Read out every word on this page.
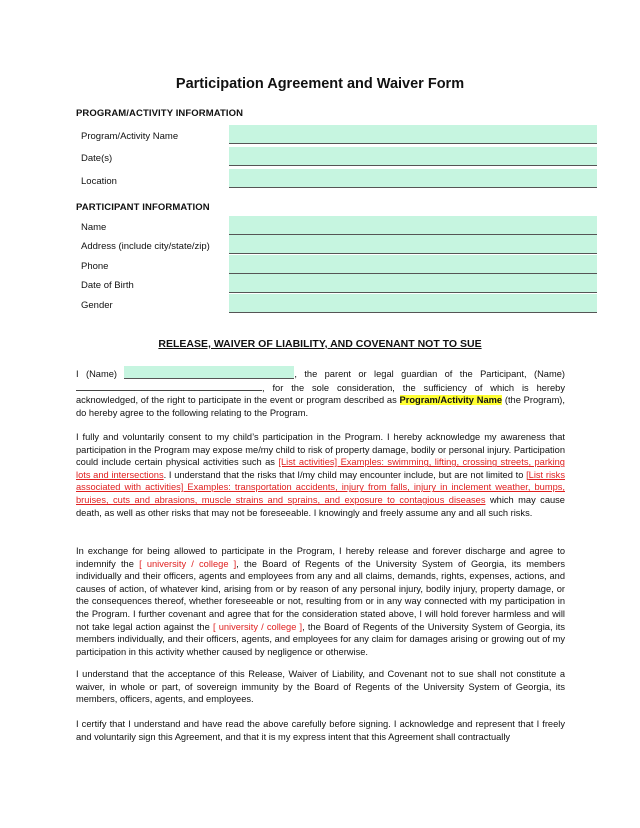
Participation Agreement and Waiver Form
PROGRAM/ACTIVITY INFORMATION
Program/Activity Name
Date(s)
Location
PARTICIPANT INFORMATION
Name
Address (include city/state/zip)
Phone
Date of Birth
Gender
RELEASE, WAIVER OF LIABILITY, AND COVENANT NOT TO SUE
I (Name)	, the parent or legal guardian of the Participant, (Name) , for the sole consideration, the sufficiency of which is hereby acknowledged, of the right to participate in the event or program described as Program/Activity Name (the Program), do hereby agree to the following relating to the Program.
I fully and voluntarily consent to my child’s participation in the Program. I hereby acknowledge my awareness that participation in the Program may expose me/my child to risk of property damage, bodily or personal injury. Participation could include certain physical activities such as [List activities] Examples: swimming, lifting, crossing streets, parking lots and intersections. I understand that the risks that I/my child may encounter include, but are not limited to [List risks associated with activities] Examples: transportation accidents, injury from falls, injury in inclement weather, bumps, bruises, cuts and abrasions, muscle strains and sprains, and exposure to contagious diseases which may cause death, as well as other risks that may not be foreseeable. I knowingly and freely assume any and all such risks.
In exchange for being allowed to participate in the Program, I hereby release and forever discharge and agree to indemnify the [ university / college ], the Board of Regents of the University System of Georgia, its members individually and their officers, agents and employees from any and all claims, demands, rights, expenses, actions, and causes of action, of whatever kind, arising from or by reason of any personal injury, bodily injury, property damage, or the consequences thereof, whether foreseeable or not, resulting from or in any way connected with my participation in the Program. I further covenant and agree that for the consideration stated above, I will hold forever harmless and will not take legal action against the [ university / college ], the Board of Regents of the University System of Georgia, its members individually, and their officers, agents, and employees for any claim for damages arising or growing out of my participation in this activity whether caused by negligence or otherwise.
I understand that the acceptance of this Release, Waiver of Liability, and Covenant not to sue shall not constitute a waiver, in whole or part, of sovereign immunity by the Board of Regents of the University System of Georgia, its members, officers, agents, and employees.
I certify that I understand and have read the above carefully before signing. I acknowledge and represent that I freely and voluntarily sign this Agreement, and that it is my express intent that this Agreement shall contractually
